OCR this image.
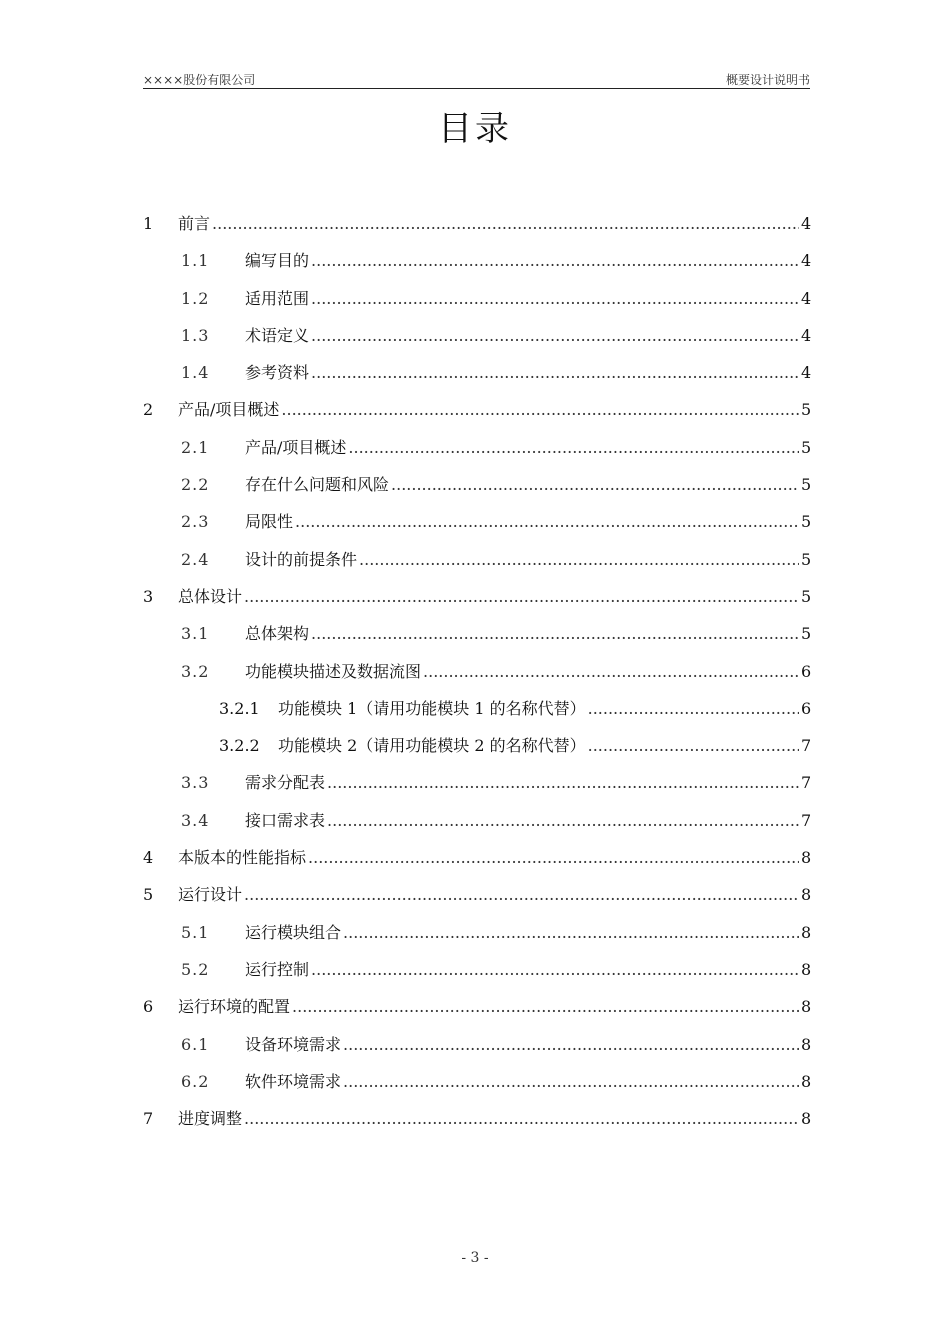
××××股份有限公司	概要设计说明书
目录
1	前言 .....	4
1.1	编写目的 .....	4
1.2	适用范围 .....	4
1.3	术语定义 .....	4
1.4	参考资料 .....	4
2	产品/项目概述 .....	5
2.1	产品/项目概述 .....	5
2.2	存在什么问题和风险 .....	5
2.3	局限性 .....	5
2.4	设计的前提条件 .....	5
3	总体设计 .....	5
3.1	总体架构 .....	5
3.2	功能模块描述及数据流图 .....	6
3.2.1	功能模块 1（请用功能模块 1 的名称代替） .....	6
3.2.2	功能模块 2（请用功能模块 2 的名称代替） .....	7
3.3	需求分配表 .....	7
3.4	接口需求表 .....	7
4	本版本的性能指标 .....	8
5	运行设计 .....	8
5.1	运行模块组合 .....	8
5.2	运行控制 .....	8
6	运行环境的配置 .....	8
6.1	设备环境需求 .....	8
6.2	软件环境需求 .....	8
7	进度调整 .....	8
- 3 -
